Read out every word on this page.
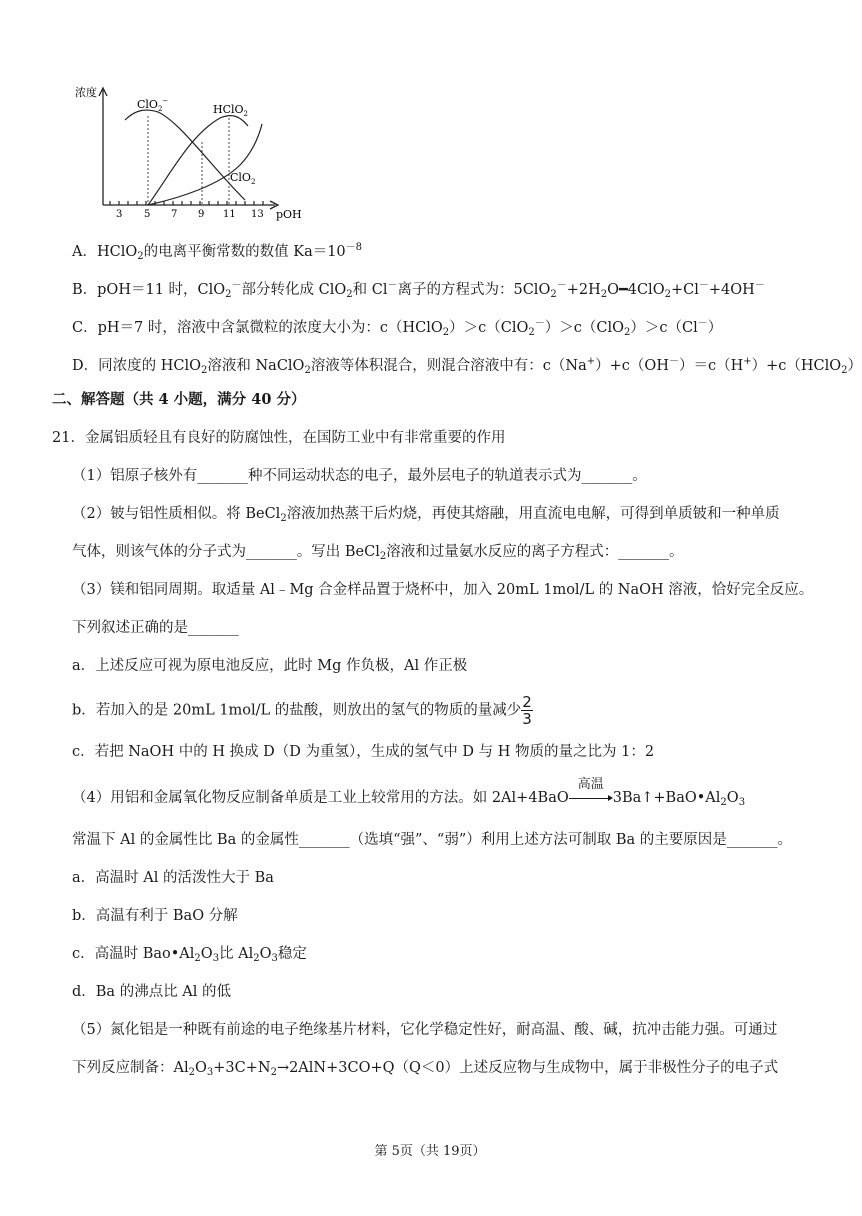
浓度
pOH
ClO$_2$−
HClO$_2$
ClO$_2$
3 5 7 9 11 13
A．HClO$_2$的电离平衡常数的数值 $Ka=10^{-8}$
B．pOH＝11 时，ClO$_2$－部分转化成 ClO$_2$和 Cl－离子的方程式为：$5ClO_2^-+2H_2O━4ClO_2+Cl^-+4OH^-$
C．pH＝7 时，溶液中含氯微粒的浓度大小为：c（HClO$_2$）＞c（ClO$_2$－）＞c（ClO$_2$）＞c（Cl－）
D．同浓度的 HClO$_2$溶液和 NaClO$_2$溶液等体积混合，则混合溶液中有：c（Na+）+c（OH－）＝c（H+）+c（HClO$_2$）
二、解答题（共 4 小题，满分 40 分）
21．金属铝质轻且有良好的防腐蚀性，在国防工业中有非常重要的作用
（1）铝原子核外有_______种不同运动状态的电子，最外层电子的轨道表示式为_______。
（2）铍与铝性质相似。将 BeCl$_2$溶液加热蒸干后灼烧，再使其熔融，用直流电电解，可得到单质铍和一种单质
气体，则该气体的分子式为_______。写出 BeCl$_2$溶液和过量氨水反应的离子方程式：_______。
（3）镁和铝同周期。取适量 Al﹣Mg 合金样品置于烧杯中，加入 20mL 1mol/L 的 NaOH 溶液，恰好完全反应。
下列叙述正确的是_______
a．上述反应可视为原电池反应，此时 Mg 作负极，Al 作正极
b．若加入的是 20mL 1mol/L 的盐酸，则放出的氢气的物质的量减少 $\frac{2}{3}$
c．若把 NaOH 中的 H 换成 D（D 为重氢），生成的氢气中 D 与 H 物质的量之比为 1：2
（4）用铝和金属氧化物反应制备单质是工业上较常用的方法。如 2Al+4BaO
高温
$3Ba↑+BaO•Al_2O_3$
常温下 Al 的金属性比 Ba 的金属性_______（选填“强”、“弱”）利用上述方法可制取 Ba 的主要原因是_______。
a．高温时 Al 的活泼性大于 Ba
b．高温有利于 BaO 分解
c．高温时 $Bao•Al_2O_3$比 $Al_2O_3$稳定
d．Ba 的沸点比 Al 的低
（5）氮化铝是一种既有前途的电子绝缘基片材料，它化学稳定性好，耐高温、酸、碱，抗冲击能力强。可通过
下列反应制备：$Al_2O_3+3C+N_2\to 2AlN+3CO+Q(Q<0)$上述反应物与生成物中，属于非极性分子的电子式
第 5页（共 19页）
